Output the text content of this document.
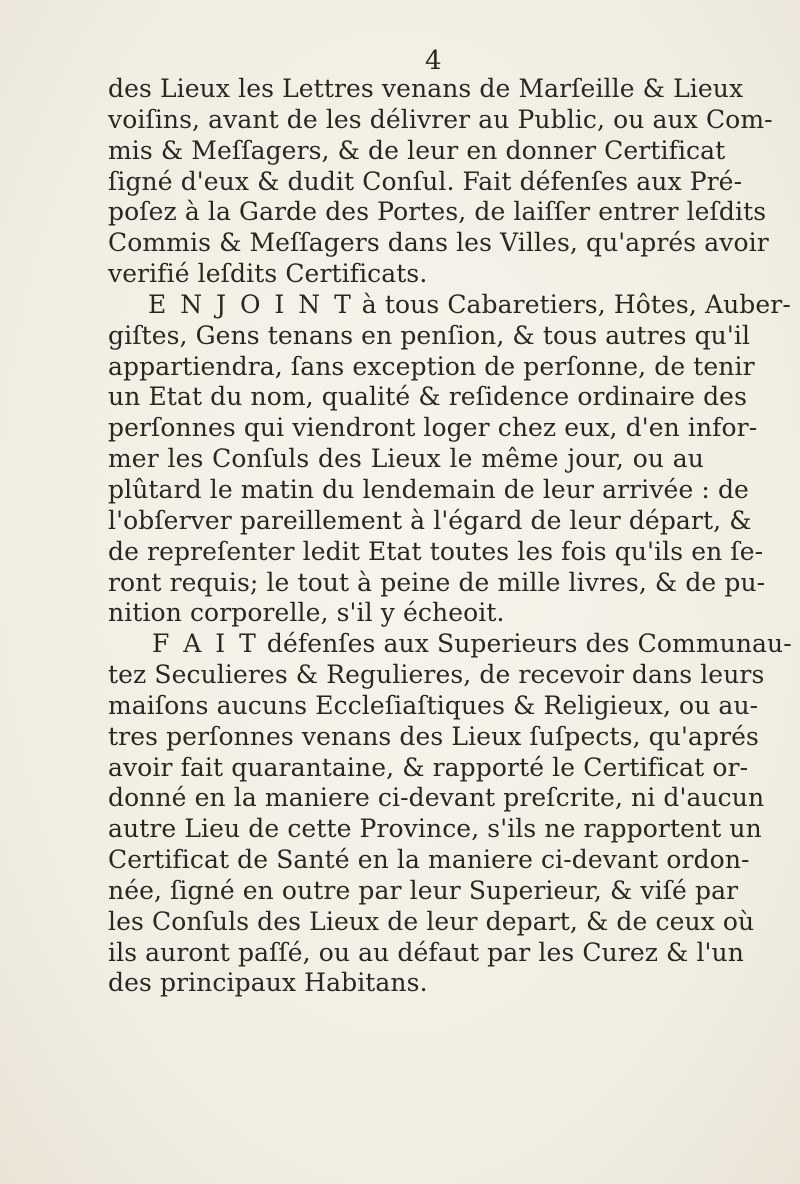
4
des Lieux les Lettres venans de Marſeille & Lieux
voiſins, avant de les délivrer au Public, ou aux Com-
mis & Meſſagers, & de leur en donner Certificat
ſigné d'eux & dudit Conſul. Fait défenſes aux Pré-
poſez à la Garde des Portes, de laiſſer entrer leſdits
Commis & Meſſagers dans les Villes, qu'aprés avoir
verifié leſdits Certificats.
E N J O I N T à tous Cabaretiers, Hôtes, Auber-
giſtes, Gens tenans en penſion, & tous autres qu'il
appartiendra, ſans exception de perſonne, de tenir
un Etat du nom, qualité & reſidence ordinaire des
perſonnes qui viendront loger chez eux, d'en infor-
mer les Conſuls des Lieux le même jour, ou au
plûtard le matin du lendemain de leur arrivée : de
l'obſerver pareillement à l'égard de leur départ, &
de repreſenter ledit Etat toutes les fois qu'ils en ſe-
ront requis; le tout à peine de mille livres, & de pu-
nition corporelle, s'il y écheoit.
F A I T défenſes aux Superieurs des Communau-
tez Seculieres & Regulieres, de recevoir dans leurs
maiſons aucuns Eccleſiaſtiques & Religieux, ou au-
tres perſonnes venans des Lieux ſuſpects, qu'aprés
avoir fait quarantaine, & rapporté le Certificat or-
donné en la maniere ci-devant preſcrite, ni d'aucun
autre Lieu de cette Province, s'ils ne rapportent un
Certificat de Santé en la maniere ci-devant ordon-
née, ſigné en outre par leur Superieur, & viſé par
les Conſuls des Lieux de leur depart, & de ceux où
ils auront paſſé, ou au défaut par les Curez & l'un
des principaux Habitans.
